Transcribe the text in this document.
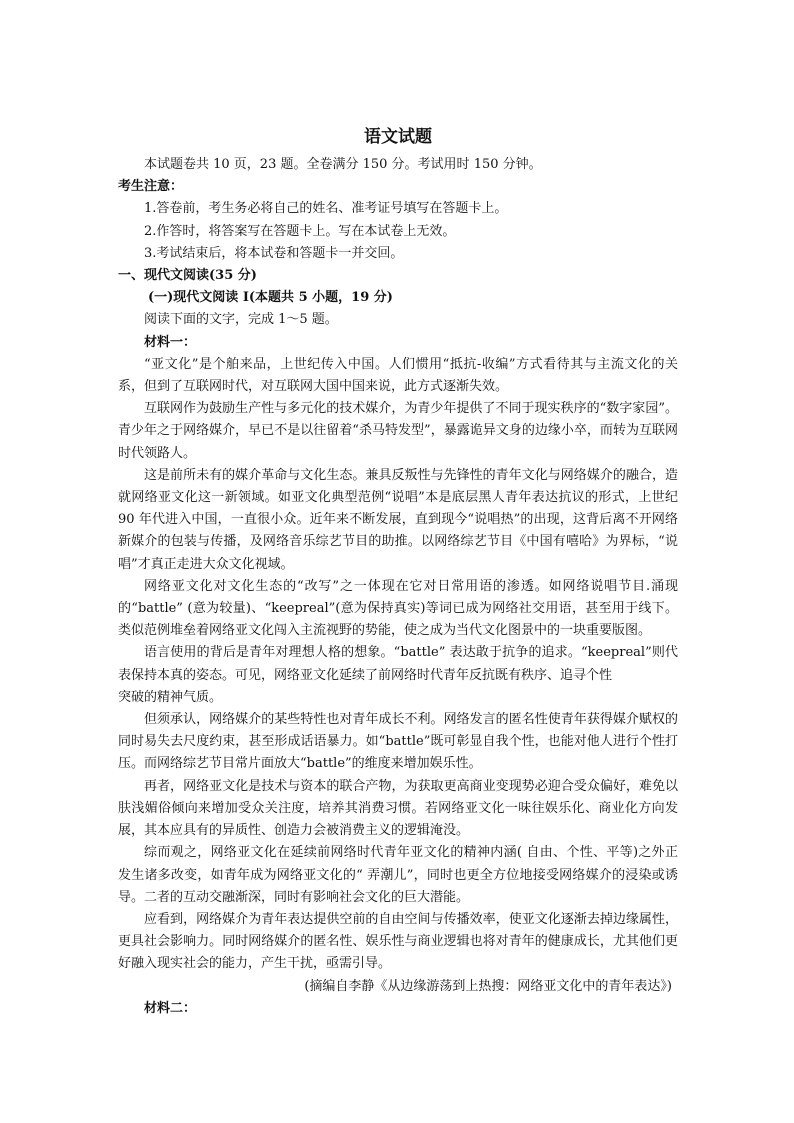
语文试题

本试题卷共 10 页，23 题。全卷满分 150 分。考试用时 150 分钟。

考生注意：

1.答卷前，考生务必将自己的姓名、准考证号填写在答题卡上。

2.作答时，将答案写在答题卡上。写在本试卷上无效。

3.考试结束后，将本试卷和答题卡一并交回。

一、现代文阅读(35 分)

(一)现代文阅读 I(本题共 5 小题，19 分)

阅读下面的文字，完成 1～5 题。

材料一：

“亚文化”是个舶来品，上世纪传入中国。人们惯用“抵抗-收编”方式看待其与主流文化的关系，但到了互联网时代，对互联网大国中国来说，此方式逐渐失效。

互联网作为鼓励生产性与多元化的技术媒介，为青少年提供了不同于现实秩序的“数字家园”。青少年之于网络媒介，早已不是以往留着“杀马特发型”，暴露诡异文身的边缘小卒，而转为互联网时代领路人。

这是前所未有的媒介革命与文化生态。兼具反叛性与先锋性的青年文化与网络媒介的融合，造就网络亚文化这一新领域。如亚文化典型范例“说唱”本是底层黑人青年表达抗议的形式，上世纪 90 年代进入中国，一直很小众。近年来不断发展，直到现今“说唱热”的出现，这背后离不开网络新媒介的包装与传播，及网络音乐综艺节目的助推。以网络综艺节目《中国有嘻哈》为界标，“说唱”才真正走进大众文化视域。

网络亚文化对文化生态的“改写”之一体现在它对日常用语的渗透。如网络说唱节目.涌现的“battle” (意为较量)、“keepreal”(意为保持真实)等词已成为网络社交用语，甚至用于线下。类似范例堆垒着网络亚文化闯入主流视野的势能，使之成为当代文化图景中的一块重要版图。

语言使用的背后是青年对理想人格的想象。“battle” 表达敢于抗争的追求。“keepreal”则代表保持本真的姿态。可见，网络亚文化延续了前网络时代青年反抗既有秩序、追寻个性

突破的精神气质。

但须承认，网络媒介的某些特性也对青年成长不利。网络发言的匿名性使青年获得媒介赋权的同时易失去尺度约束，甚至形成话语暴力。如“battle”既可彰显自我个性，也能对他人进行个性打压。而网络综艺节目常片面放大“battle”的维度来增加娱乐性。

再者，网络亚文化是技术与资本的联合产物，为获取更高商业变现势必迎合受众偏好，难免以肤浅媚俗倾向来增加受众关注度，培养其消费习惯。若网络亚文化一味往娱乐化、商业化方向发展，其本应具有的异质性、创造力会被消费主义的逻辑淹没。

综而观之，网络亚文化在延续前网络时代青年亚文化的精神内涵( 自由、个性、平等)之外正发生诸多改变，如青年成为网络亚文化的“ 弄潮儿”，同时也更全方位地接受网络媒介的浸染或诱导。二者的互动交融渐深，同时有影响社会文化的巨大潜能。

应看到，网络媒介为青年表达提供空前的自由空间与传播效率，使亚文化逐渐去掉边缘属性，更具社会影响力。同时网络媒介的匿名性、娱乐性与商业逻辑也将对青年的健康成长，尤其他们更好融入现实社会的能力，产生干扰，亟需引导。

(摘编自李静《从边缘游荡到上热搜：网络亚文化中的青年表达》)

材料二：
